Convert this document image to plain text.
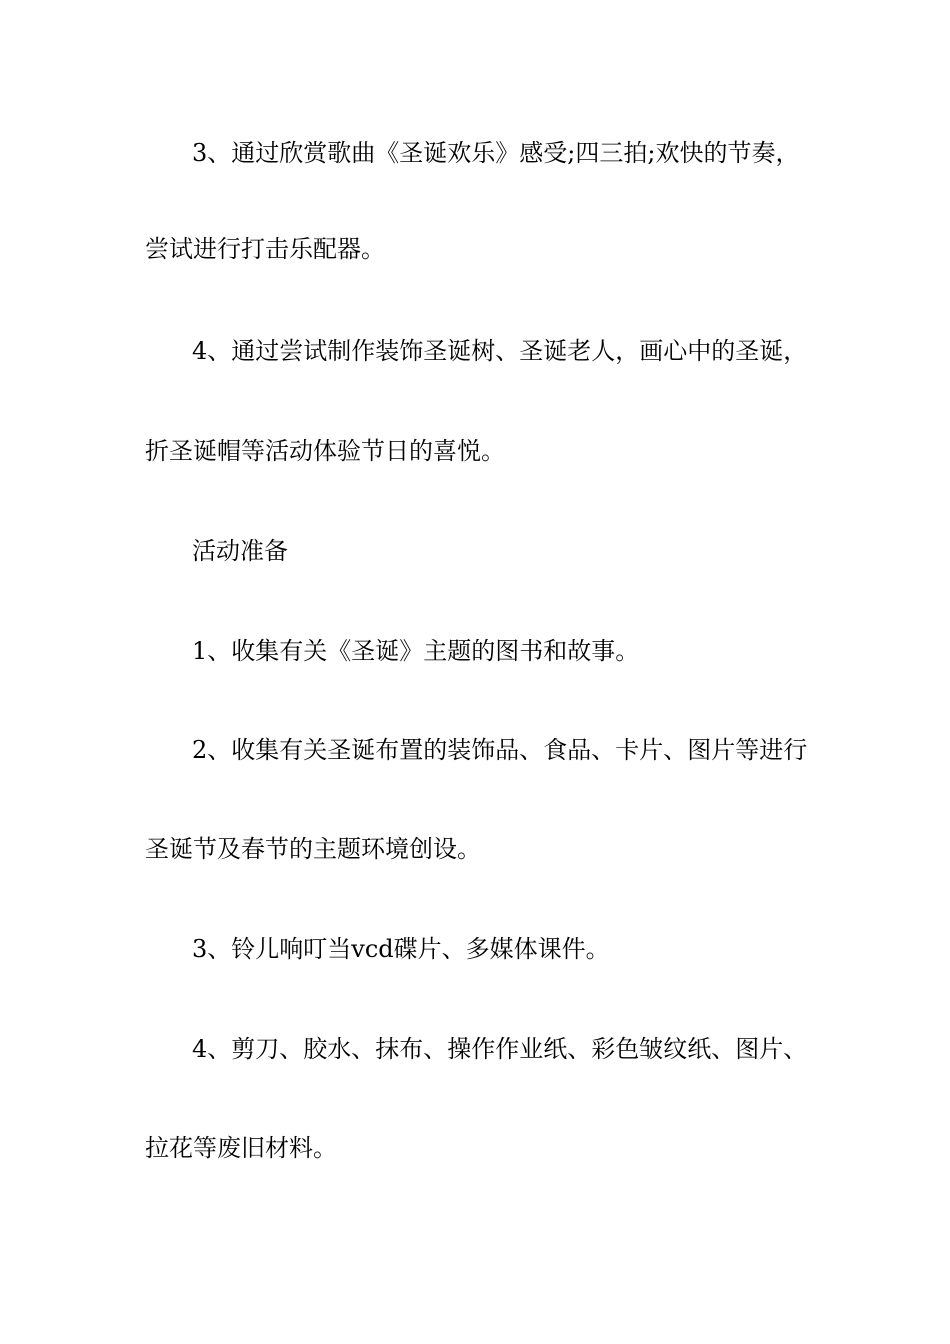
3、通过欣赏歌曲《圣诞欢乐》感受;四三拍;欢快的节奏，
尝试进行打击乐配器。
4、通过尝试制作装饰圣诞树、圣诞老人，画心中的圣诞，
折圣诞帽等活动体验节日的喜悦。
活动准备
1、收集有关《圣诞》主题的图书和故事。
2、收集有关圣诞布置的装饰品、食品、卡片、图片等进行
圣诞节及春节的主题环境创设。
3、铃儿响叮当vcd碟片、多媒体课件。
4、剪刀、胶水、抹布、操作作业纸、彩色皱纹纸、图片、
拉花等废旧材料。
